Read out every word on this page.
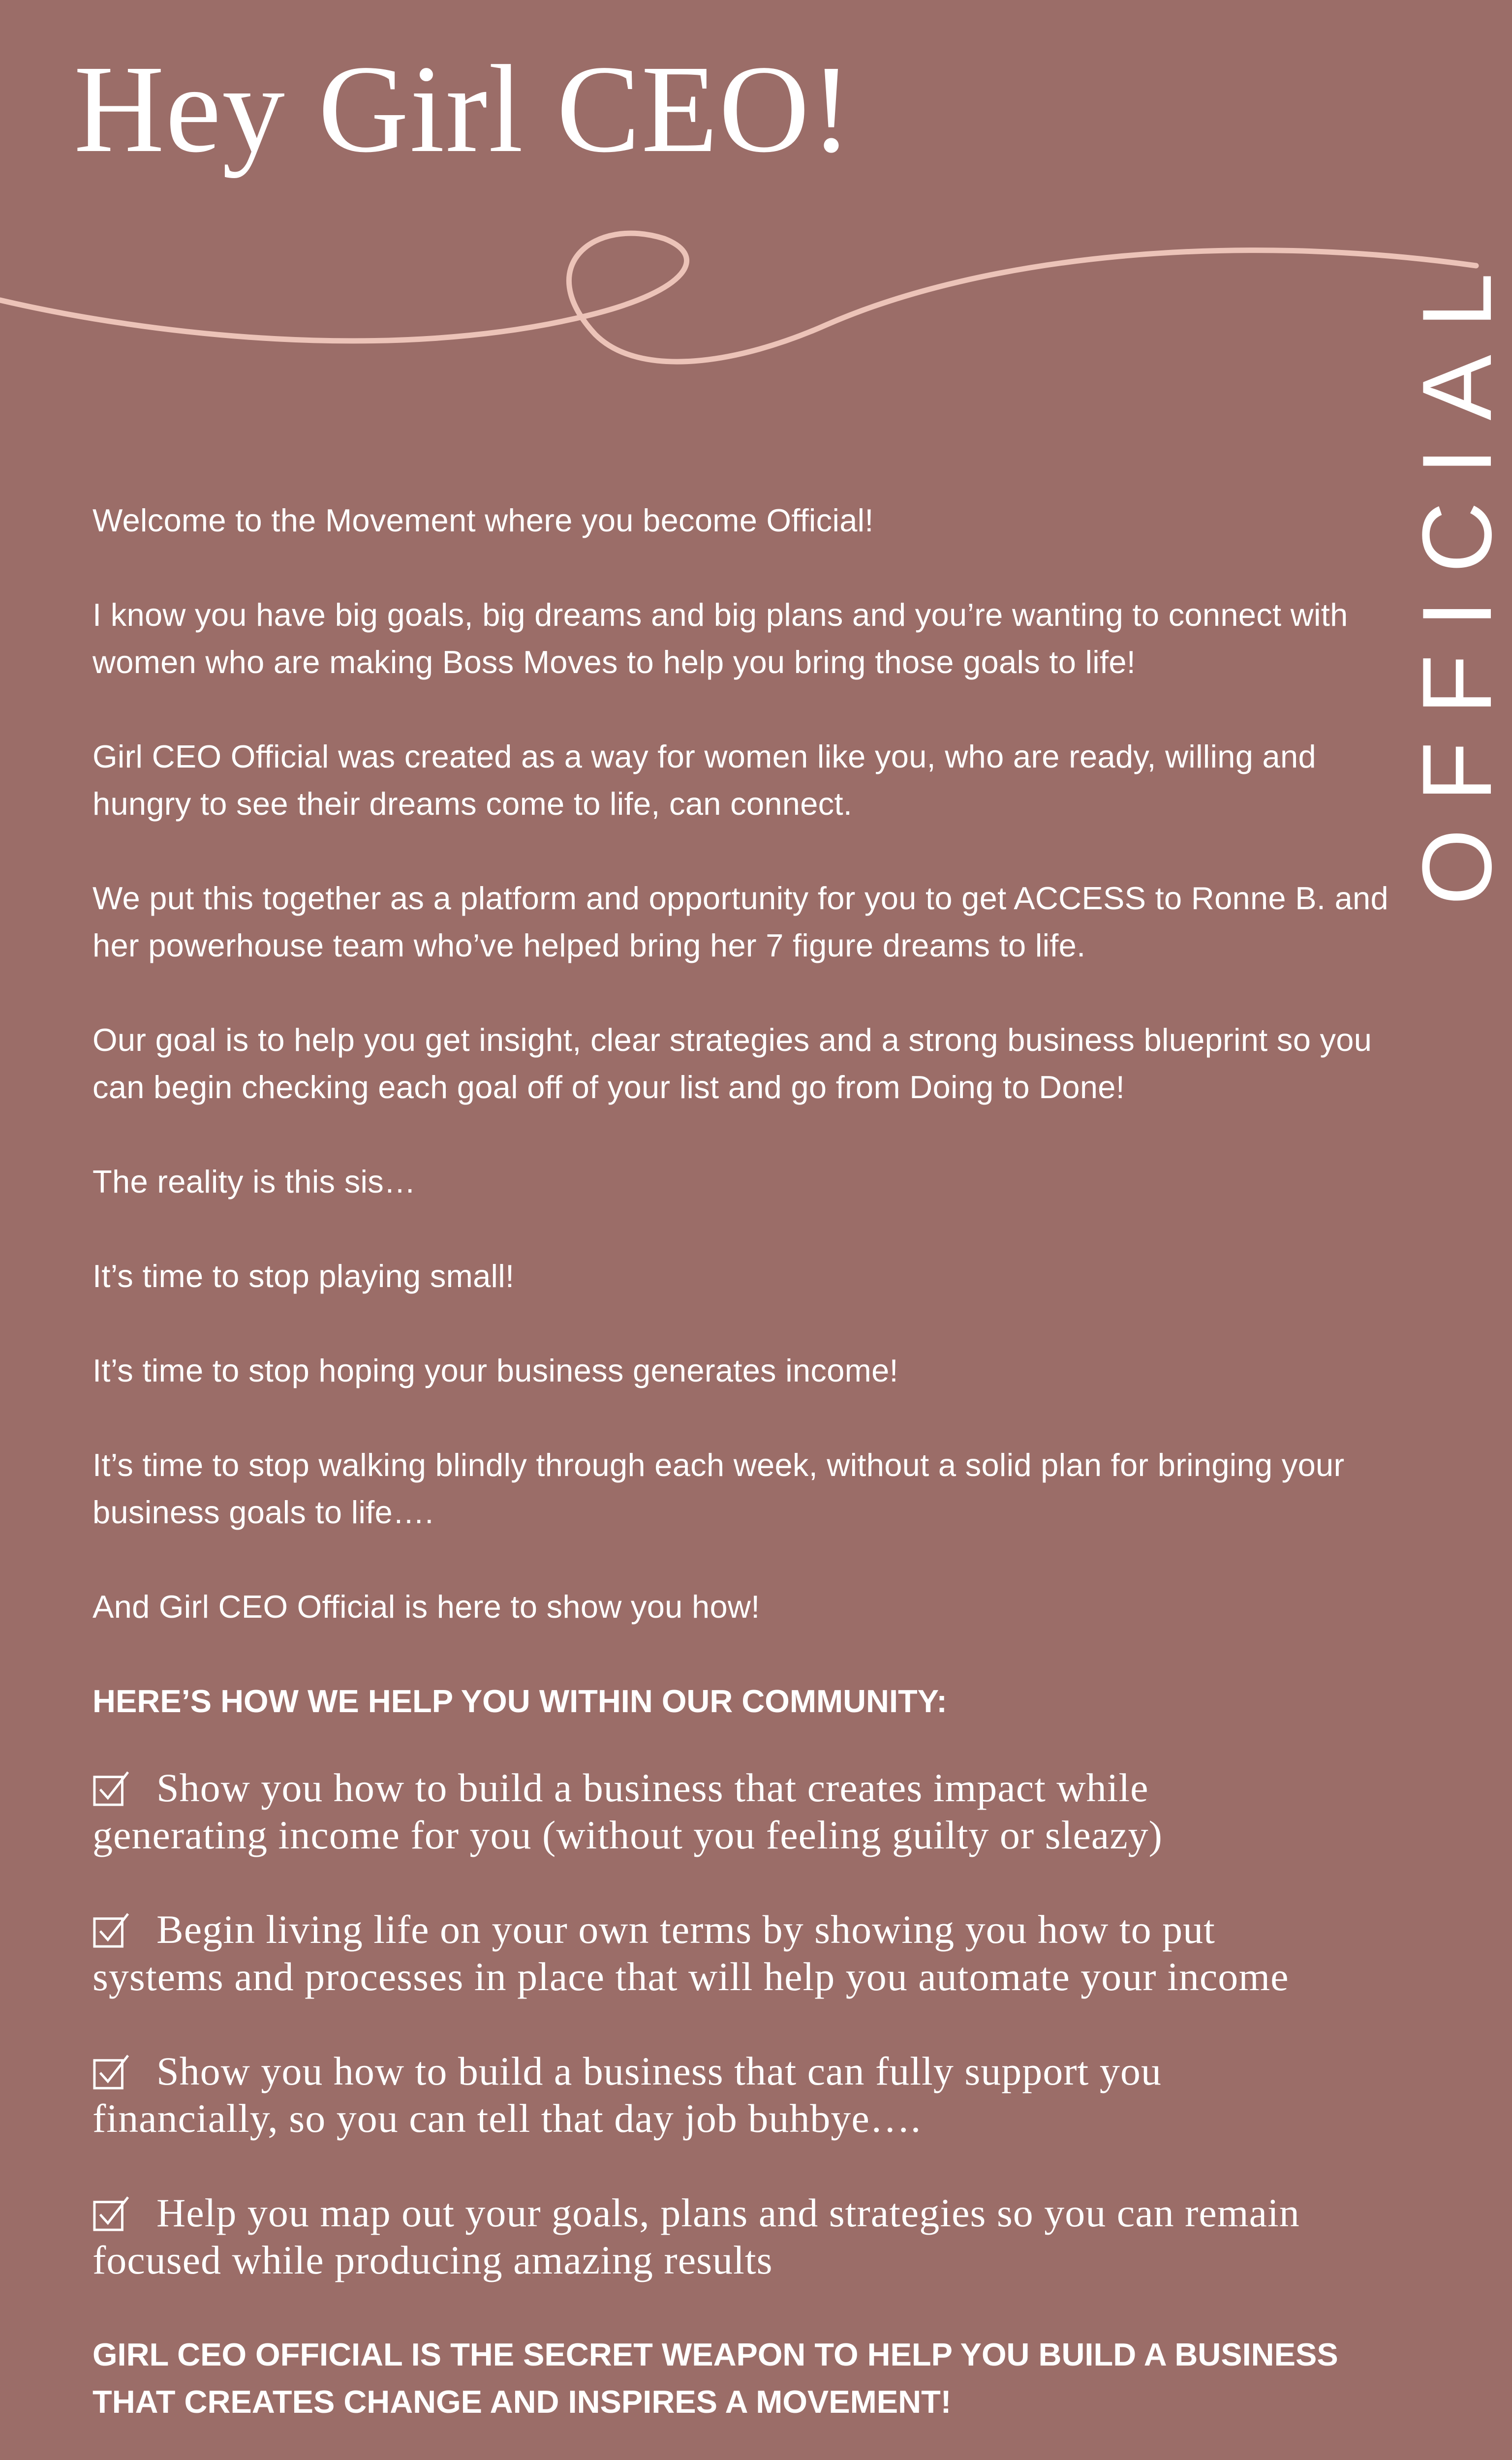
Hey Girl CEO!
OFFICIAL

Welcome to the Movement where you become Official!

I know you have big goals, big dreams and big plans and you’re wanting to connect with women who are making Boss Moves to help you bring those goals to life!

Girl CEO Official was created as a way for women like you, who are ready, willing and hungry to see their dreams come to life, can connect.

We put this together as a platform and opportunity for you to get ACCESS to Ronne B. and her powerhouse team who’ve helped bring her 7 figure dreams to life.

Our goal is to help you get insight, clear strategies and a strong business blueprint so you can begin checking each goal off of your list and go from Doing to Done!

The reality is this sis…

It’s time to stop playing small!

It’s time to stop hoping your business generates income!

It’s time to stop walking blindly through each week, without a solid plan for bringing your business goals to life….

And Girl CEO Official is here to show you how!

HERE’S HOW WE HELP YOU WITHIN OUR COMMUNITY:

Show you how to build a business that creates impact while generating income for you (without you feeling guilty or sleazy)
Begin living life on your own terms by showing you how to put systems and processes in place that will help you automate your income
Show you how to build a business that can fully support you financially, so you can tell that day job buhbye….
Help you map out your goals, plans and strategies so you can remain focused while producing amazing results

GIRL CEO OFFICIAL IS THE SECRET WEAPON TO HELP YOU BUILD A BUSINESS THAT CREATES CHANGE AND INSPIRES A MOVEMENT!
